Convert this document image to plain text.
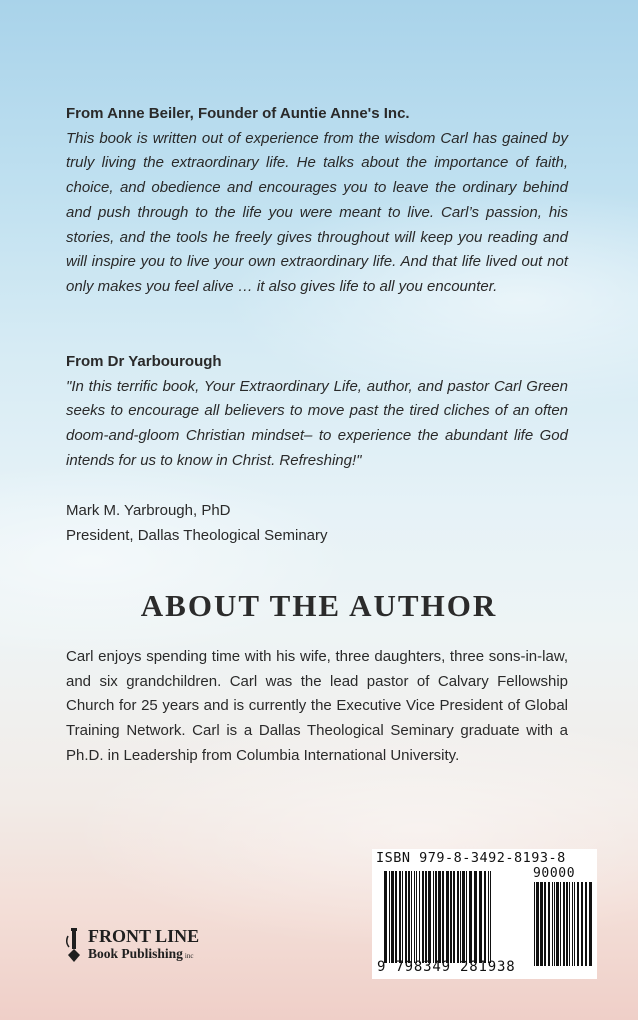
From Anne Beiler, Founder of Auntie Anne's Inc.
This book is written out of experience from the wisdom Carl has gained by truly living the extraordinary life. He talks about the importance of faith, choice, and obedience and encourages you to leave the ordinary behind and push through to the life you were meant to live. Carl’s passion, his stories, and the tools he freely gives throughout will keep you reading and will inspire you to live your own extraordinary life. And that life lived out not only makes you feel alive … it also gives life to all you encounter.
From Dr Yarbourough
"In this terrific book, Your Extraordinary Life, author, and pastor Carl Green seeks to encourage all believers to move past the tired cliches of an often doom-and-gloom Christian mindset– to experience the abundant life God intends for us to know in Christ. Refreshing!"
Mark M. Yarbrough, PhD
President, Dallas Theological Seminary
ABOUT THE AUTHOR
Carl enjoys spending time with his wife, three daughters, three sons-in-law, and six grandchildren. Carl was the lead pastor of Calvary Fellowship Church for 25 years and is currently the Executive Vice President of Global Training Network. Carl is a Dallas Theological Seminary graduate with a Ph.D. in Leadership from Columbia International University.
ISBN 979-8-3492-8193-8
90000
9 798349 281938
FRONT LINE
Book Publishing inc
